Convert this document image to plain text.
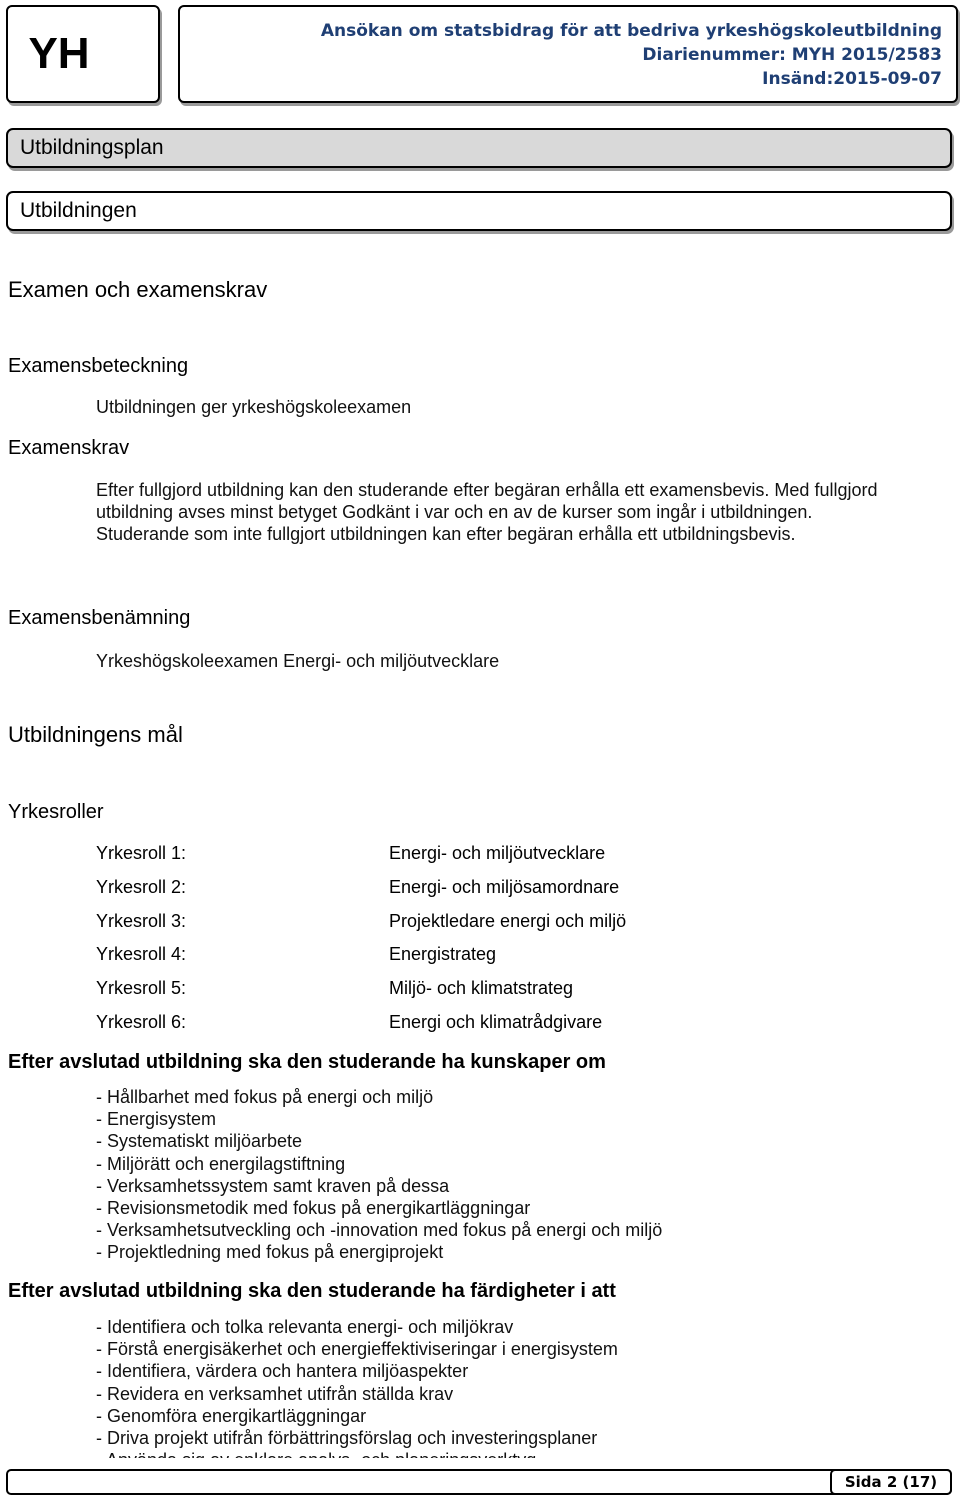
YH	Ansökan om statsbidrag för att bedriva yrkeshögskoleutbildning
Diarienummer: MYH 2015/2583
Insänd:2015-09-07
Utbildningsplan
Utbildningen
Examen och examenskrav
Examensbeteckning
Utbildningen ger yrkeshögskoleexamen
Examenskrav
Efter fullgjord utbildning kan den studerande efter begäran erhålla ett examensbevis. Med fullgjord utbildning avses minst betyget Godkänt i var och en av de kurser som ingår i utbildningen. Studerande som inte fullgjort utbildningen kan efter begäran erhålla ett utbildningsbevis.
Examensbenämning
Yrkeshögskoleexamen Energi- och miljöutvecklare
Utbildningens mål
Yrkesroller
Yrkesroll 1:	Energi- och miljöutvecklare
Yrkesroll 2:	Energi- och miljösamordnare
Yrkesroll 3:	Projektledare energi och miljö
Yrkesroll 4:	Energistrateg
Yrkesroll 5:	Miljö- och klimatstrateg
Yrkesroll 6:	Energi och klimatrådgivare
Efter avslutad utbildning ska den studerande ha kunskaper om
- Hållbarhet med fokus på energi och miljö
- Energisystem
- Systematiskt miljöarbete
- Miljörätt och energilagstiftning
- Verksamhetssystem samt kraven på dessa
- Revisionsmetodik med fokus på energikartläggningar
- Verksamhetsutveckling och -innovation med fokus på energi och miljö
- Projektledning med fokus på energiprojekt
Efter avslutad utbildning ska den studerande ha färdigheter i att
- Identifiera och tolka relevanta energi- och miljökrav
- Förstå energisäkerhet och energieffektiviseringar i energisystem
- Identifiera, värdera och hantera miljöaspekter
- Revidera en verksamhet utifrån ställda krav
- Genomföra energikartläggningar
- Driva projekt utifrån förbättringsförslag och investeringsplaner
Sida 2 (17)
